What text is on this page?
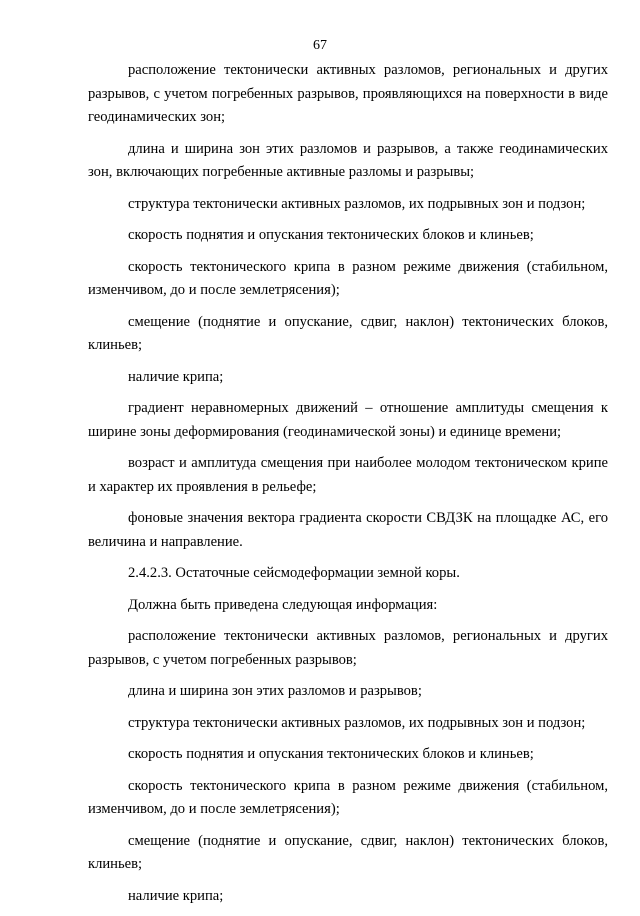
67

расположение тектонически активных разломов, региональных и других разрывов, с учетом погребенных разрывов, проявляющихся на поверхности в виде геодинамических зон;

длина и ширина зон этих разломов и разрывов, а также геодинамических зон, включающих погребенные активные разломы и разрывы;

структура тектонически активных разломов, их подрывных зон и подзон;

скорость поднятия и опускания тектонических блоков и клиньев;

скорость тектонического крипа в разном режиме движения (стабильном, изменчивом, до и после землетрясения);

смещение (поднятие и опускание, сдвиг, наклон) тектонических блоков, клиньев;

наличие крипа;

градиент неравномерных движений – отношение амплитуды смещения к ширине зоны деформирования (геодинамической зоны) и единице времени;

возраст и амплитуда смещения при наиболее молодом тектоническом крипе и характер их проявления в рельефе;

фоновые значения вектора градиента скорости СВДЗК на площадке АС, его величина и направление.

2.4.2.3. Остаточные сейсмодеформации земной коры.

Должна быть приведена следующая информация:

расположение тектонически активных разломов, региональных и других разрывов, с учетом погребенных разрывов;

длина и ширина зон этих разломов и разрывов;

структура тектонически активных разломов, их подрывных зон и подзон;

скорость поднятия и опускания тектонических блоков и клиньев;

скорость тектонического крипа в разном режиме движения (стабильном, изменчивом, до и после землетрясения);

смещение (поднятие и опускание, сдвиг, наклон) тектонических блоков, клиньев;

наличие крипа;
